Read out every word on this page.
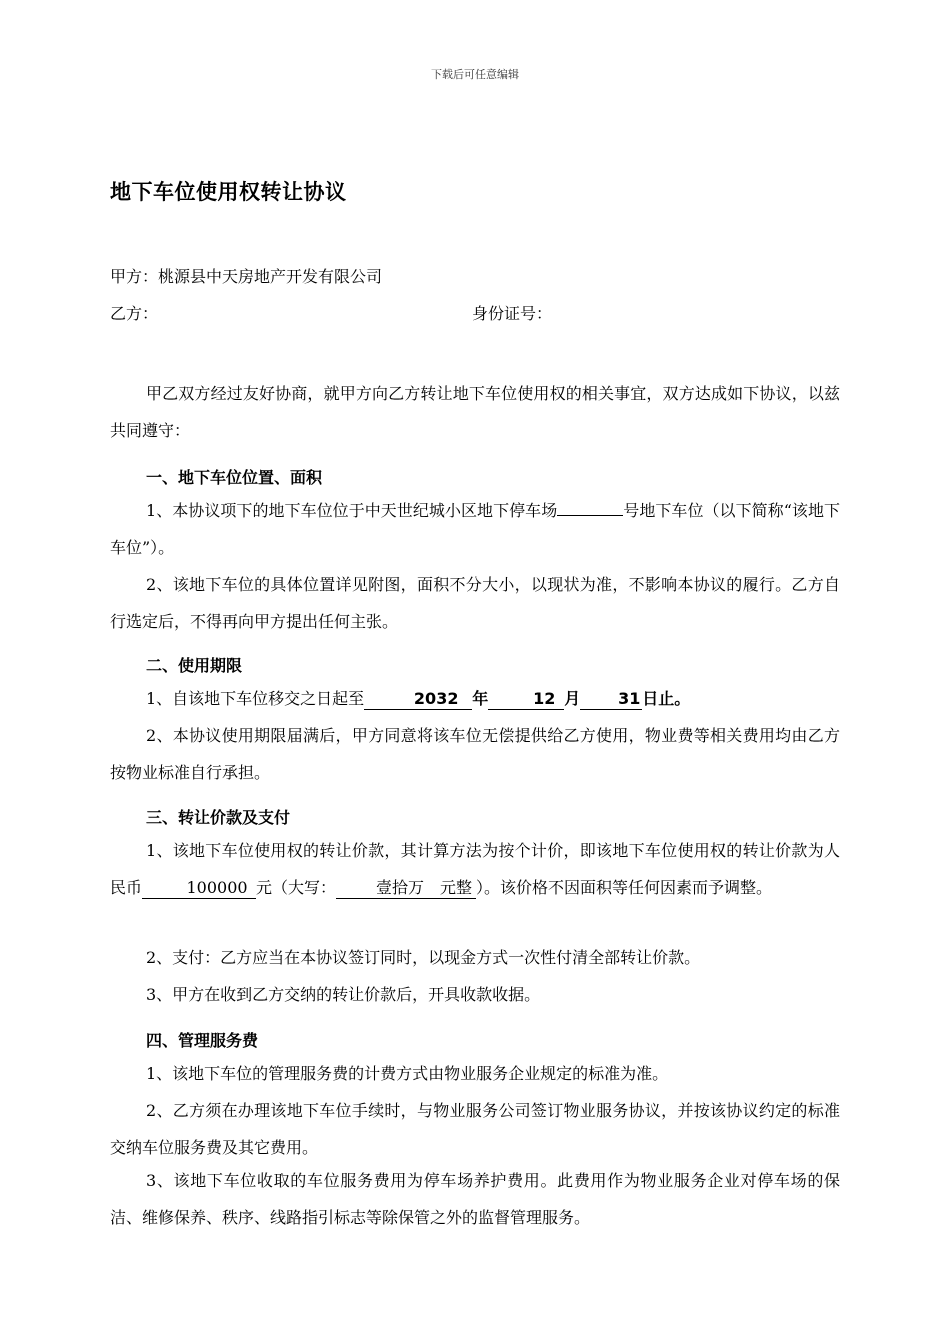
下载后可任意编辑
地下车位使用权转让协议
甲方：桃源县中天房地产开发有限公司
乙方：	身份证号：
甲乙双方经过友好协商，就甲方向乙方转让地下车位使用权的相关事宜，双方达成如下协议，以兹共同遵守：
一、地下车位位置、面积
1、本协议项下的地下车位位于中天世纪城小区地下停车场	号地下车位（以下简称“该地下车位”）。
2、该地下车位的具体位置详见附图，面积不分大小，以现状为准，不影响本协议的履行。乙方自行选定后，不得再向甲方提出任何主张。
二、使用期限
1、自该地下车位移交之日起至	2032 年	12 月 31 日止。
2、本协议使用期限届满后，甲方同意将该车位无偿提供给乙方使用，物业费等相关费用均由乙方按物业标准自行承担。
三、转让价款及支付
1、该地下车位使用权的转让价款，其计算方法为按个计价，即该地下车位使用权的转让价款为人民币	100000 元（大写： 壹拾万　元整 ）。该价格不因面积等任何因素而予调整。
2、支付：乙方应当在本协议签订同时，以现金方式一次性付清全部转让价款。
3、甲方在收到乙方交纳的转让价款后，开具收款收据。
四、管理服务费
1、该地下车位的管理服务费的计费方式由物业服务企业规定的标准为准。
2、乙方须在办理该地下车位手续时，与物业服务公司签订物业服务协议，并按该协议约定的标准交纳车位服务费及其它费用。
3、该地下车位收取的车位服务费用为停车场养护费用。此费用作为物业服务企业对停车场的保洁、维修保养、秩序、线路指引标志等除保管之外的监督管理服务。
